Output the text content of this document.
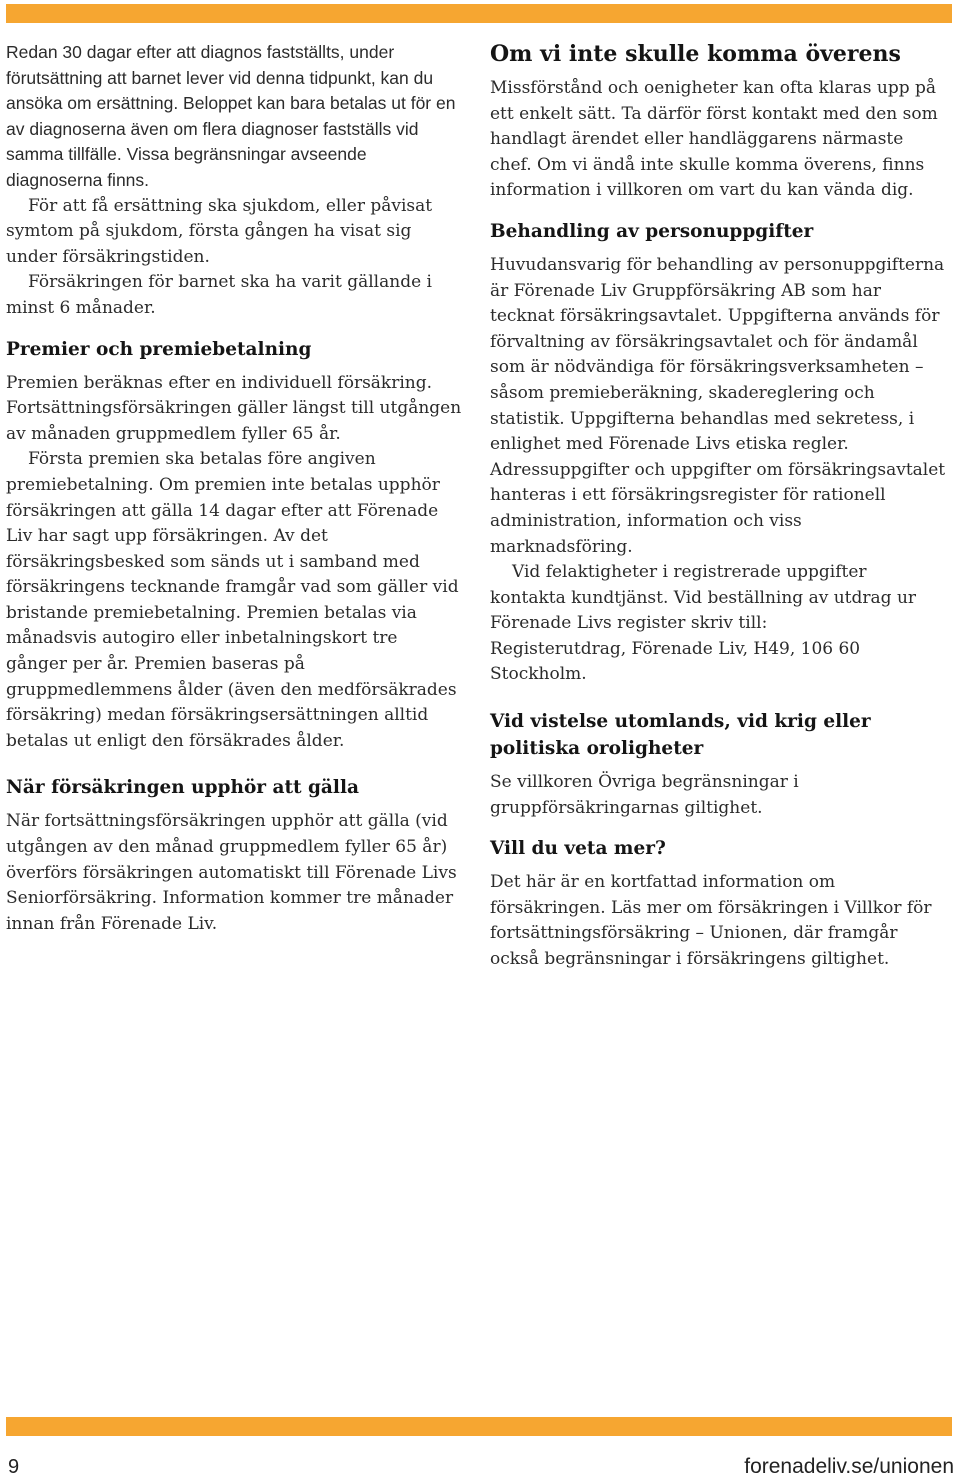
Redan 30 dagar efter att diagnos fastställts, under förutsättning att barnet lever vid denna tidpunkt, kan du ansöka om ersättning. Beloppet kan bara betalas ut för en av diagnoserna även om flera diagnoser fastställs vid samma tillfälle. Vissa begränsningar avseende diagnoserna finns.

För att få ersättning ska sjukdom, eller påvisat symtom på sjukdom, första gången ha visat sig under försäkringstiden.

Försäkringen för barnet ska ha varit gällande i minst 6 månader.

Premier och premiebetalning

Premien beräknas efter en individuell försäkring. Fortsättningsförsäkringen gäller längst till utgången av månaden gruppmedlem fyller 65 år.

Första premien ska betalas före angiven premiebetalning. Om premien inte betalas upphör försäkringen att gälla 14 dagar efter att Förenade Liv har sagt upp försäkringen. Av det försäkringsbesked som sänds ut i samband med försäkringens tecknande framgår vad som gäller vid bristande premiebetalning. Premien betalas via månadsvis autogiro eller inbetalningskort tre gånger per år. Premien baseras på gruppmedlemmens ålder (även den medförsäkrades försäkring) medan försäkringsersättningen alltid betalas ut enligt den försäkrades ålder.

När försäkringen upphör att gälla

När fortsättningsförsäkringen upphör att gälla (vid utgången av den månad gruppmedlem fyller 65 år) överförs försäkringen automatiskt till Förenade Livs Seniorförsäkring. Information kommer tre månader innan från Förenade Liv.

Om vi inte skulle komma överens

Missförstånd och oenigheter kan ofta klaras upp på ett enkelt sätt. Ta därför först kontakt med den som handlagt ärendet eller handläggarens närmaste chef. Om vi ändå inte skulle komma överens, finns information i villkoren om vart du kan vända dig.

Behandling av personuppgifter

Huvudansvarig för behandling av personuppgifterna är Förenade Liv Gruppförsäkring AB som har tecknat försäkringsavtalet. Uppgifterna används för förvaltning av försäkringsavtalet och för ändamål som är nödvändiga för försäkringsverksamheten – såsom premieberäkning, skadereglering och statistik. Uppgifterna behandlas med sekretess, i enlighet med Förenade Livs etiska regler.

Adressuppgifter och uppgifter om försäkringsavtalet hanteras i ett försäkringsregister för rationell administration, information och viss marknadsföring.

Vid felaktigheter i registrerade uppgifter kontakta kundtjänst. Vid beställning av utdrag ur Förenade Livs register skriv till:

Registerutdrag, Förenade Liv, H49, 106 60 Stockholm.

Vid vistelse utomlands, vid krig eller politiska oroligheter

Se villkoren Övriga begränsningar i gruppförsäkringarnas giltighet.

Vill du veta mer?

Det här är en kortfattad information om försäkringen. Läs mer om försäkringen i Villkor för fortsättningsförsäkring – Unionen, där framgår också begränsningar i försäkringens giltighet.

9	forenadeliv.se/unionen
